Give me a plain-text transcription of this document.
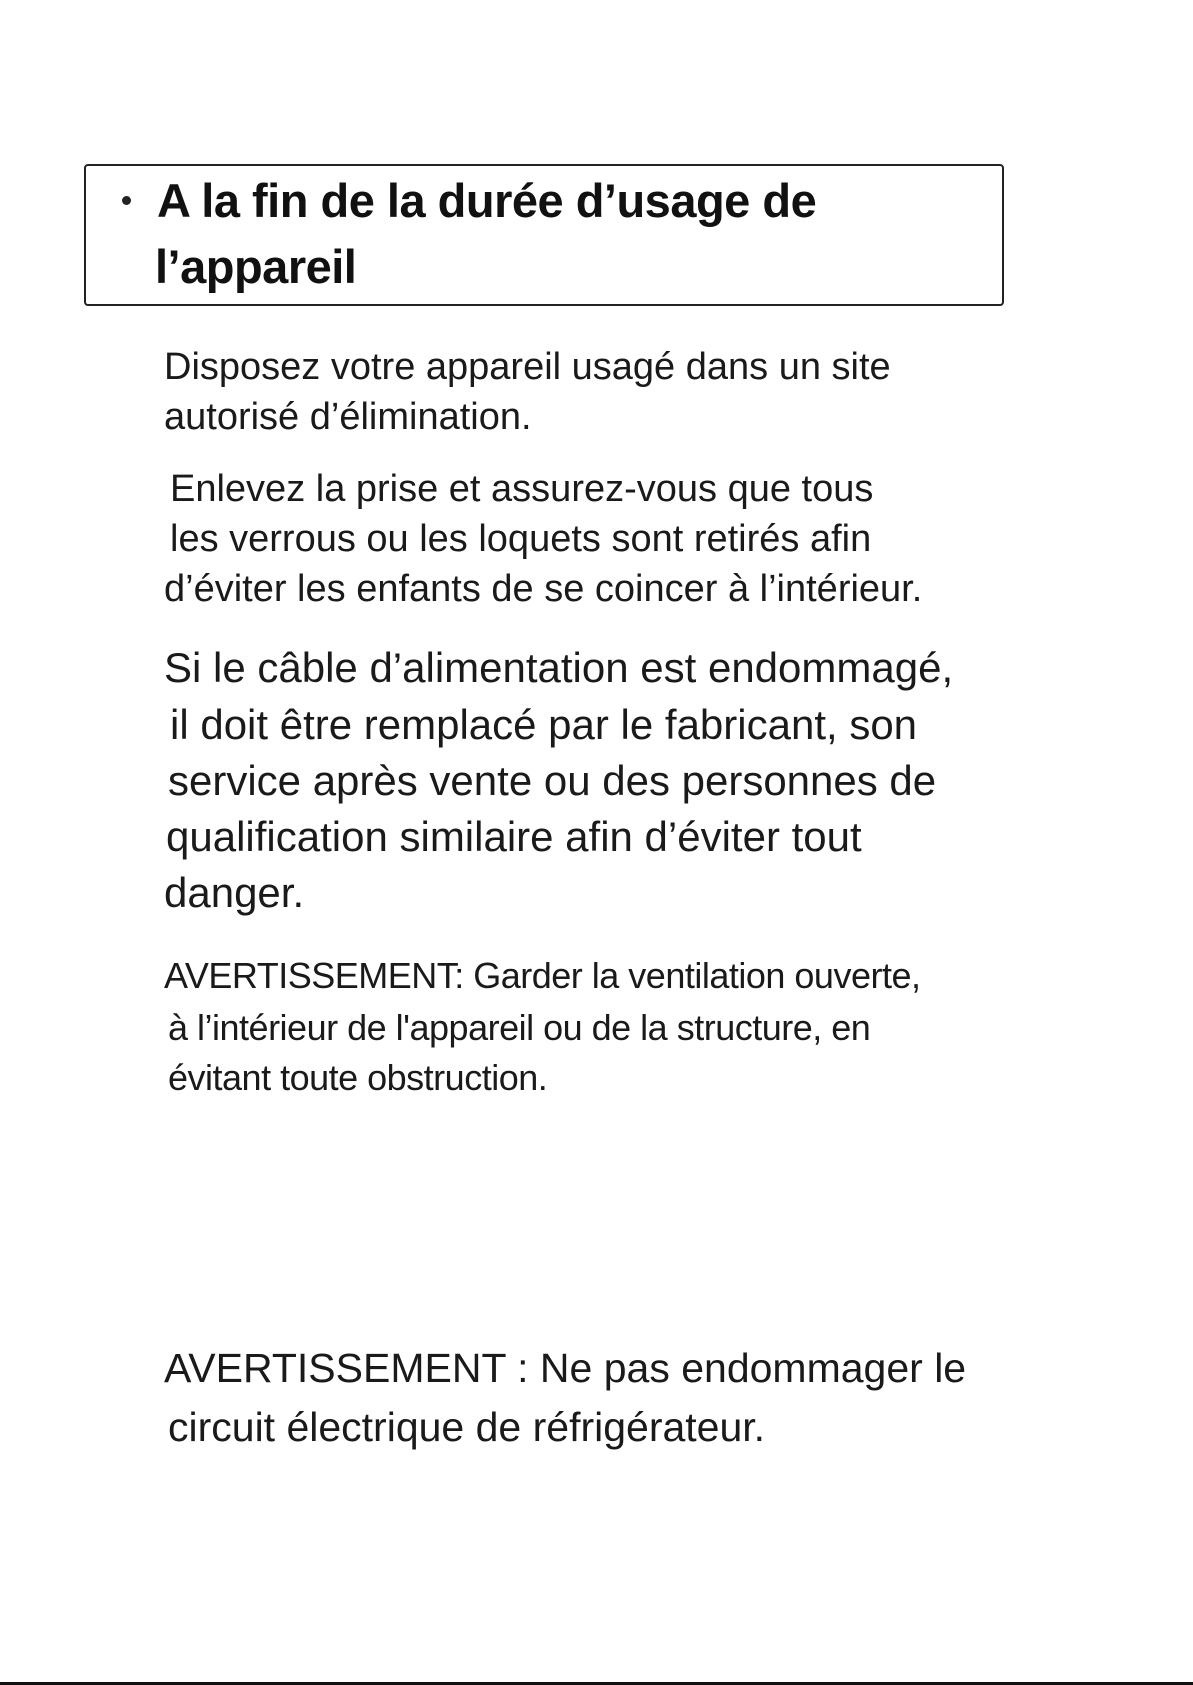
A la fin de la durée d’usage de
l’appareil
Disposez votre appareil usagé dans un site
autorisé d’élimination.
Enlevez la prise et assurez-vous que tous
les verrous ou les loquets sont retirés afin
d’éviter les enfants de se coincer à l’intérieur.
Si le câble d’alimentation est endommagé,
il doit être remplacé par le fabricant, son
service après vente ou des personnes de
qualification similaire afin d’éviter tout
danger.
AVERTISSEMENT: Garder la ventilation ouverte,
à l’intérieur de l'appareil ou de la structure, en
évitant toute obstruction.
AVERTISSEMENT : Ne pas endommager le
circuit électrique de réfrigérateur.
